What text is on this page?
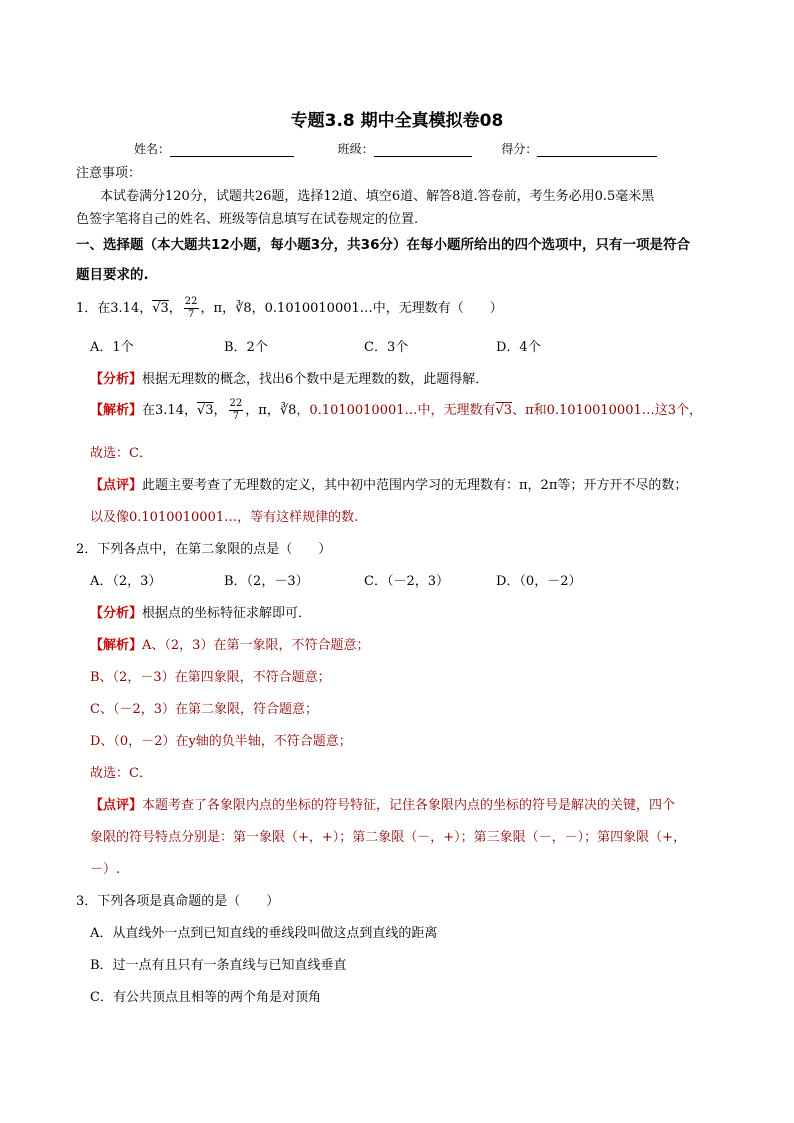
专题3.8 期中全真模拟卷08
姓名：	班级：	得分：
注意事项：
本试卷满分120分，试题共26题，选择12道、填空6道、解答8道.答卷前，考生务必用0.5毫米黑
色签字笔将自己的姓名、班级等信息填写在试卷规定的位置.
一、选择题（本大题共12小题，每小题3分，共36分）在每小题所给出的四个选项中，只有一项是符合
题目要求的.
1．在3.14，√3， $\frac{22}{7}$ ，π，∛8，0.1010010001…中，无理数有（　　）
A．1个	B．2个	C．3个	D．4个
【分析】根据无理数的概念，找出6个数中是无理数的数，此题得解．
【解析】在3.14，√3， $\frac{22}{7}$ ，π，∛8，0.1010010001…中，无理数有√3、π和0.1010010001…这3个，
故选：C．
【点评】此题主要考查了无理数的定义，其中初中范围内学习的无理数有：π，2π等；开方开不尽的数；
以及像0.1010010001…，等有这样规律的数.
2．下列各点中，在第二象限的点是（　　）
A．（2，3）	B．（2，－3）	C．（－2，3）	D．（0，－2）
【分析】根据点的坐标特征求解即可．
【解析】A、（2，3）在第一象限，不符合题意；
B、（2，－3）在第四象限，不符合题意；
C、（－2，3）在第二象限，符合题意；
D、（0，－2）在y轴的负半轴，不符合题意；
故选：C．
【点评】本题考查了各象限内点的坐标的符号特征，记住各象限内点的坐标的符号是解决的关键，四个
象限的符号特点分别是：第一象限（+，+）；第二象限（－，+）；第三象限（－，－）；第四象限（+，
－）.
3．下列各项是真命题的是（　　）
A．从直线外一点到已知直线的垂线段叫做这点到直线的距离
B．过一点有且只有一条直线与已知直线垂直
C．有公共顶点且相等的两个角是对顶角
